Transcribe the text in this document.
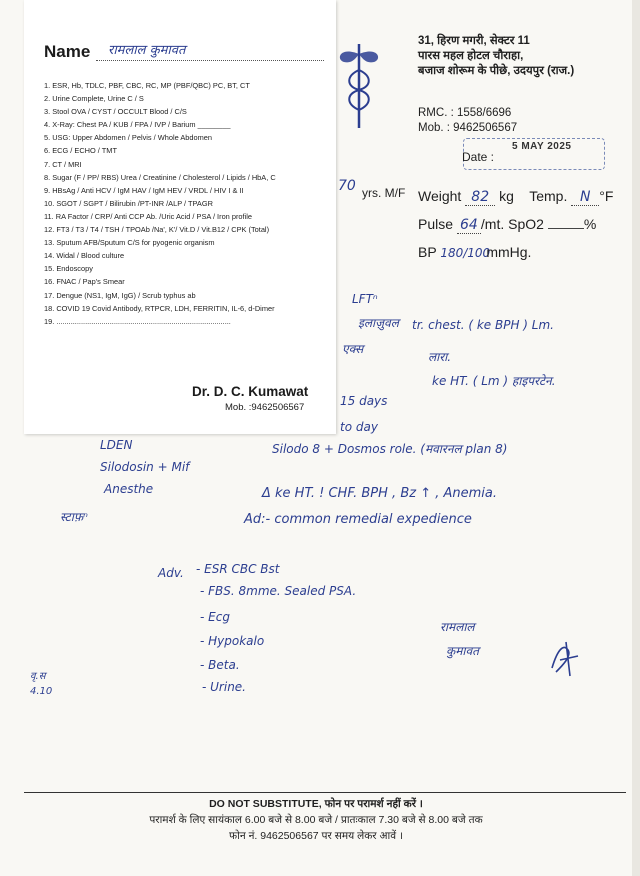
31, हिरण मगरी, सेक्टर 11
पारस महल होटल चौराहा,
बजाज शोरूम के पीछे, उदयपुर (राज.)
RMC. : 1558/6696
Mob. : 9462506567
Date :
5 MAY 2025
70 yrs. M/F Weight 82 kg Temp. N °F
Pulse 64 /mt. SpO2	%
BP 180/100mmHg.
LFTⁿ
इलाज़ुवल tr. chest. ( ke BPH ) Lm.
एक्स
लारा.
ke HT. ( Lm ) हाइपरटेन.
15 days
to day
Silodo 8 + Dosmos role. (मवारनल plan 8)
LDEN
Silodosin + Mif
Anesthe
स्टाफ़ⁿ
Δ ke HT. ! CHF. BPH , Bz ↑ , Anemia.
Ad:- common remedial expedience
Adv. - ESR CBC Bst
- FBS. 8mme. Sealed PSA.
- Ecg
- Hypokalo
- Beta.
- Urine.
रामलाल
कुमावत
वृ.स
4.10
Name रामलाल कुमावत
1. ESR, Hb, TDLC, PBF, CBC, RC, MP (PBF/QBC) PC, BT, CT
2. Urine Complete, Urine C / S
3. Stool OVA / CYST / OCCULT Blood / C/S
4. X-Ray: Chest PA / KUB / FPA / IVP / Barium ________
5. USG: Upper Abdomen / Pelvis / Whole Abdomen
6. ECG / ECHO / TMT
7. CT / MRI
8. Sugar (F / PP/ RBS) Urea / Creatinine / Cholesterol / Lipids / HbA, C
9. HBsAg / Anti HCV / IgM HAV / IgM HEV / VRDL / HIV I & II
10. SGOT / SGPT / Bilirubin /PT-INR /ALP / TPAGR
11. RA Factor / CRP/ Anti CCP Ab. /Uric Acid / PSA / Iron profile
12. FT3 / T3 / T4 / TSH / TPOAb /Na', K'/ Vit.D / Vit.B12 / CPK (Total)
13. Sputum AFB/Sputum C/S for pyogenic organism
14. Widal / Blood culture
15. Endoscopy
16. FNAC / Pap's Smear
17. Dengue (NS1, IgM, IgG) / Scrub typhus ab
18. COVID 19 Covid Antibody, RTPCR, LDH, FERRITIN, IL-6, d-Dimer
19. .....................................................................................
Dr. D. C. Kumawat
Mob. :9462506567
DO NOT SUBSTITUTE, फोन पर परामर्श नहीं करें ।
परामर्श के लिए सायंकाल 6.00 बजे से 8.00 बजे / प्रातःकाल 7.30 बजे से 8.00 बजे तक
फोन नं. 9462506567 पर समय लेकर आवें ।
